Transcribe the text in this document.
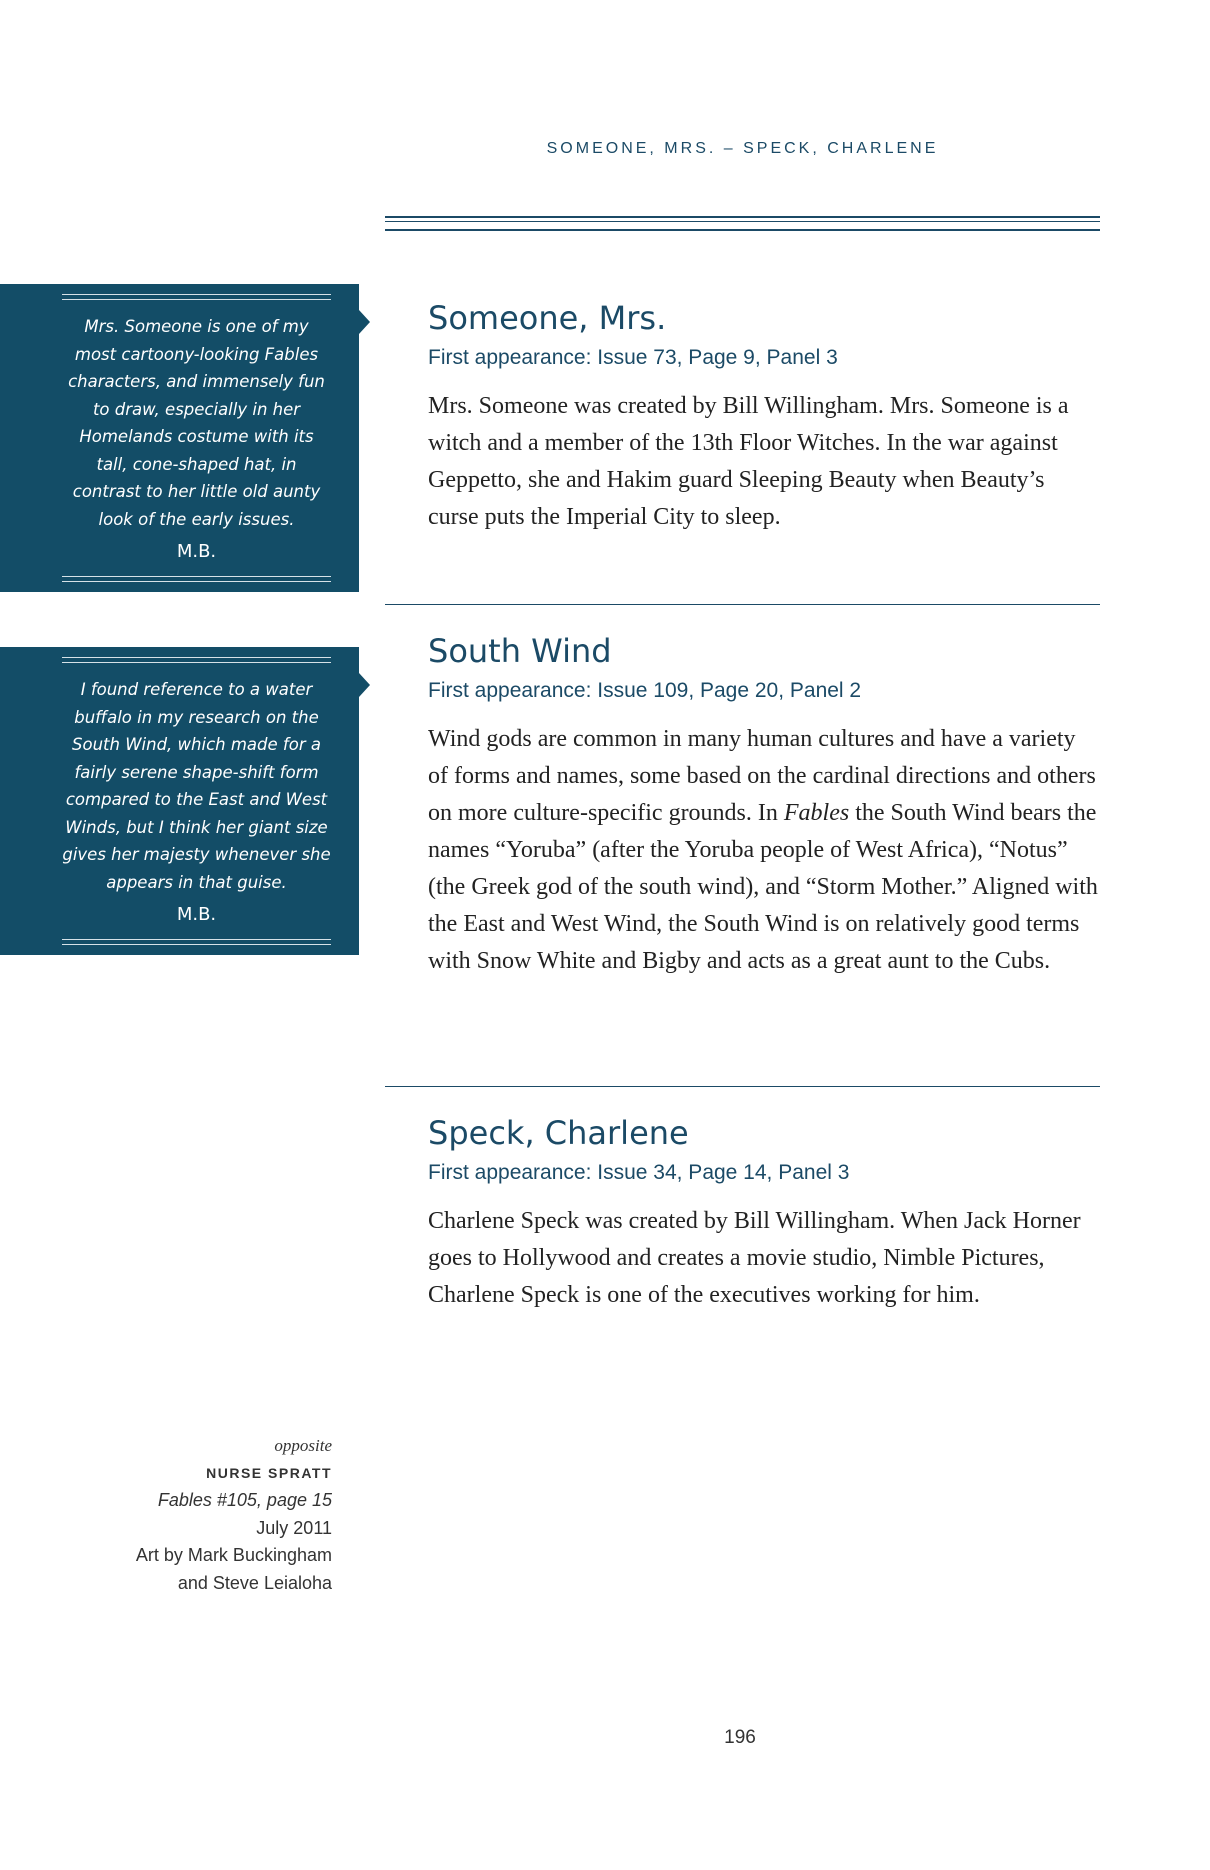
SOMEONE, MRS. – SPECK, CHARLENE
Mrs. Someone is one of my most cartoony-looking Fables characters, and immensely fun to draw, especially in her Homelands costume with its tall, cone-shaped hat, in contrast to her little old aunty look of the early issues.
M.B.
I found reference to a water buffalo in my research on the South Wind, which made for a fairly serene shape-shift form compared to the East and West Winds, but I think her giant size gives her majesty whenever she appears in that guise.
M.B.
Someone, Mrs.
First appearance: Issue 73, Page 9, Panel 3
Mrs. Someone was created by Bill Willingham. Mrs. Someone is a witch and a member of the 13th Floor Witches. In the war against Geppetto, she and Hakim guard Sleeping Beauty when Beauty’s curse puts the Imperial City to sleep.
South Wind
First appearance: Issue 109, Page 20, Panel 2
Wind gods are common in many human cultures and have a variety of forms and names, some based on the cardinal directions and others on more culture-specific grounds. In Fables the South Wind bears the names “Yoruba” (after the Yoruba people of West Africa), “Notus” (the Greek god of the south wind), and “Storm Mother.” Aligned with the East and West Wind, the South Wind is on relatively good terms with Snow White and Bigby and acts as a great aunt to the Cubs.
Speck, Charlene
First appearance: Issue 34, Page 14, Panel 3
Charlene Speck was created by Bill Willingham. When Jack Horner goes to Hollywood and creates a movie studio, Nimble Pictures, Charlene Speck is one of the executives working for him.
opposite
NURSE SPRATT
Fables #105, page 15
July 2011
Art by Mark Buckingham
and Steve Leialoha
196
